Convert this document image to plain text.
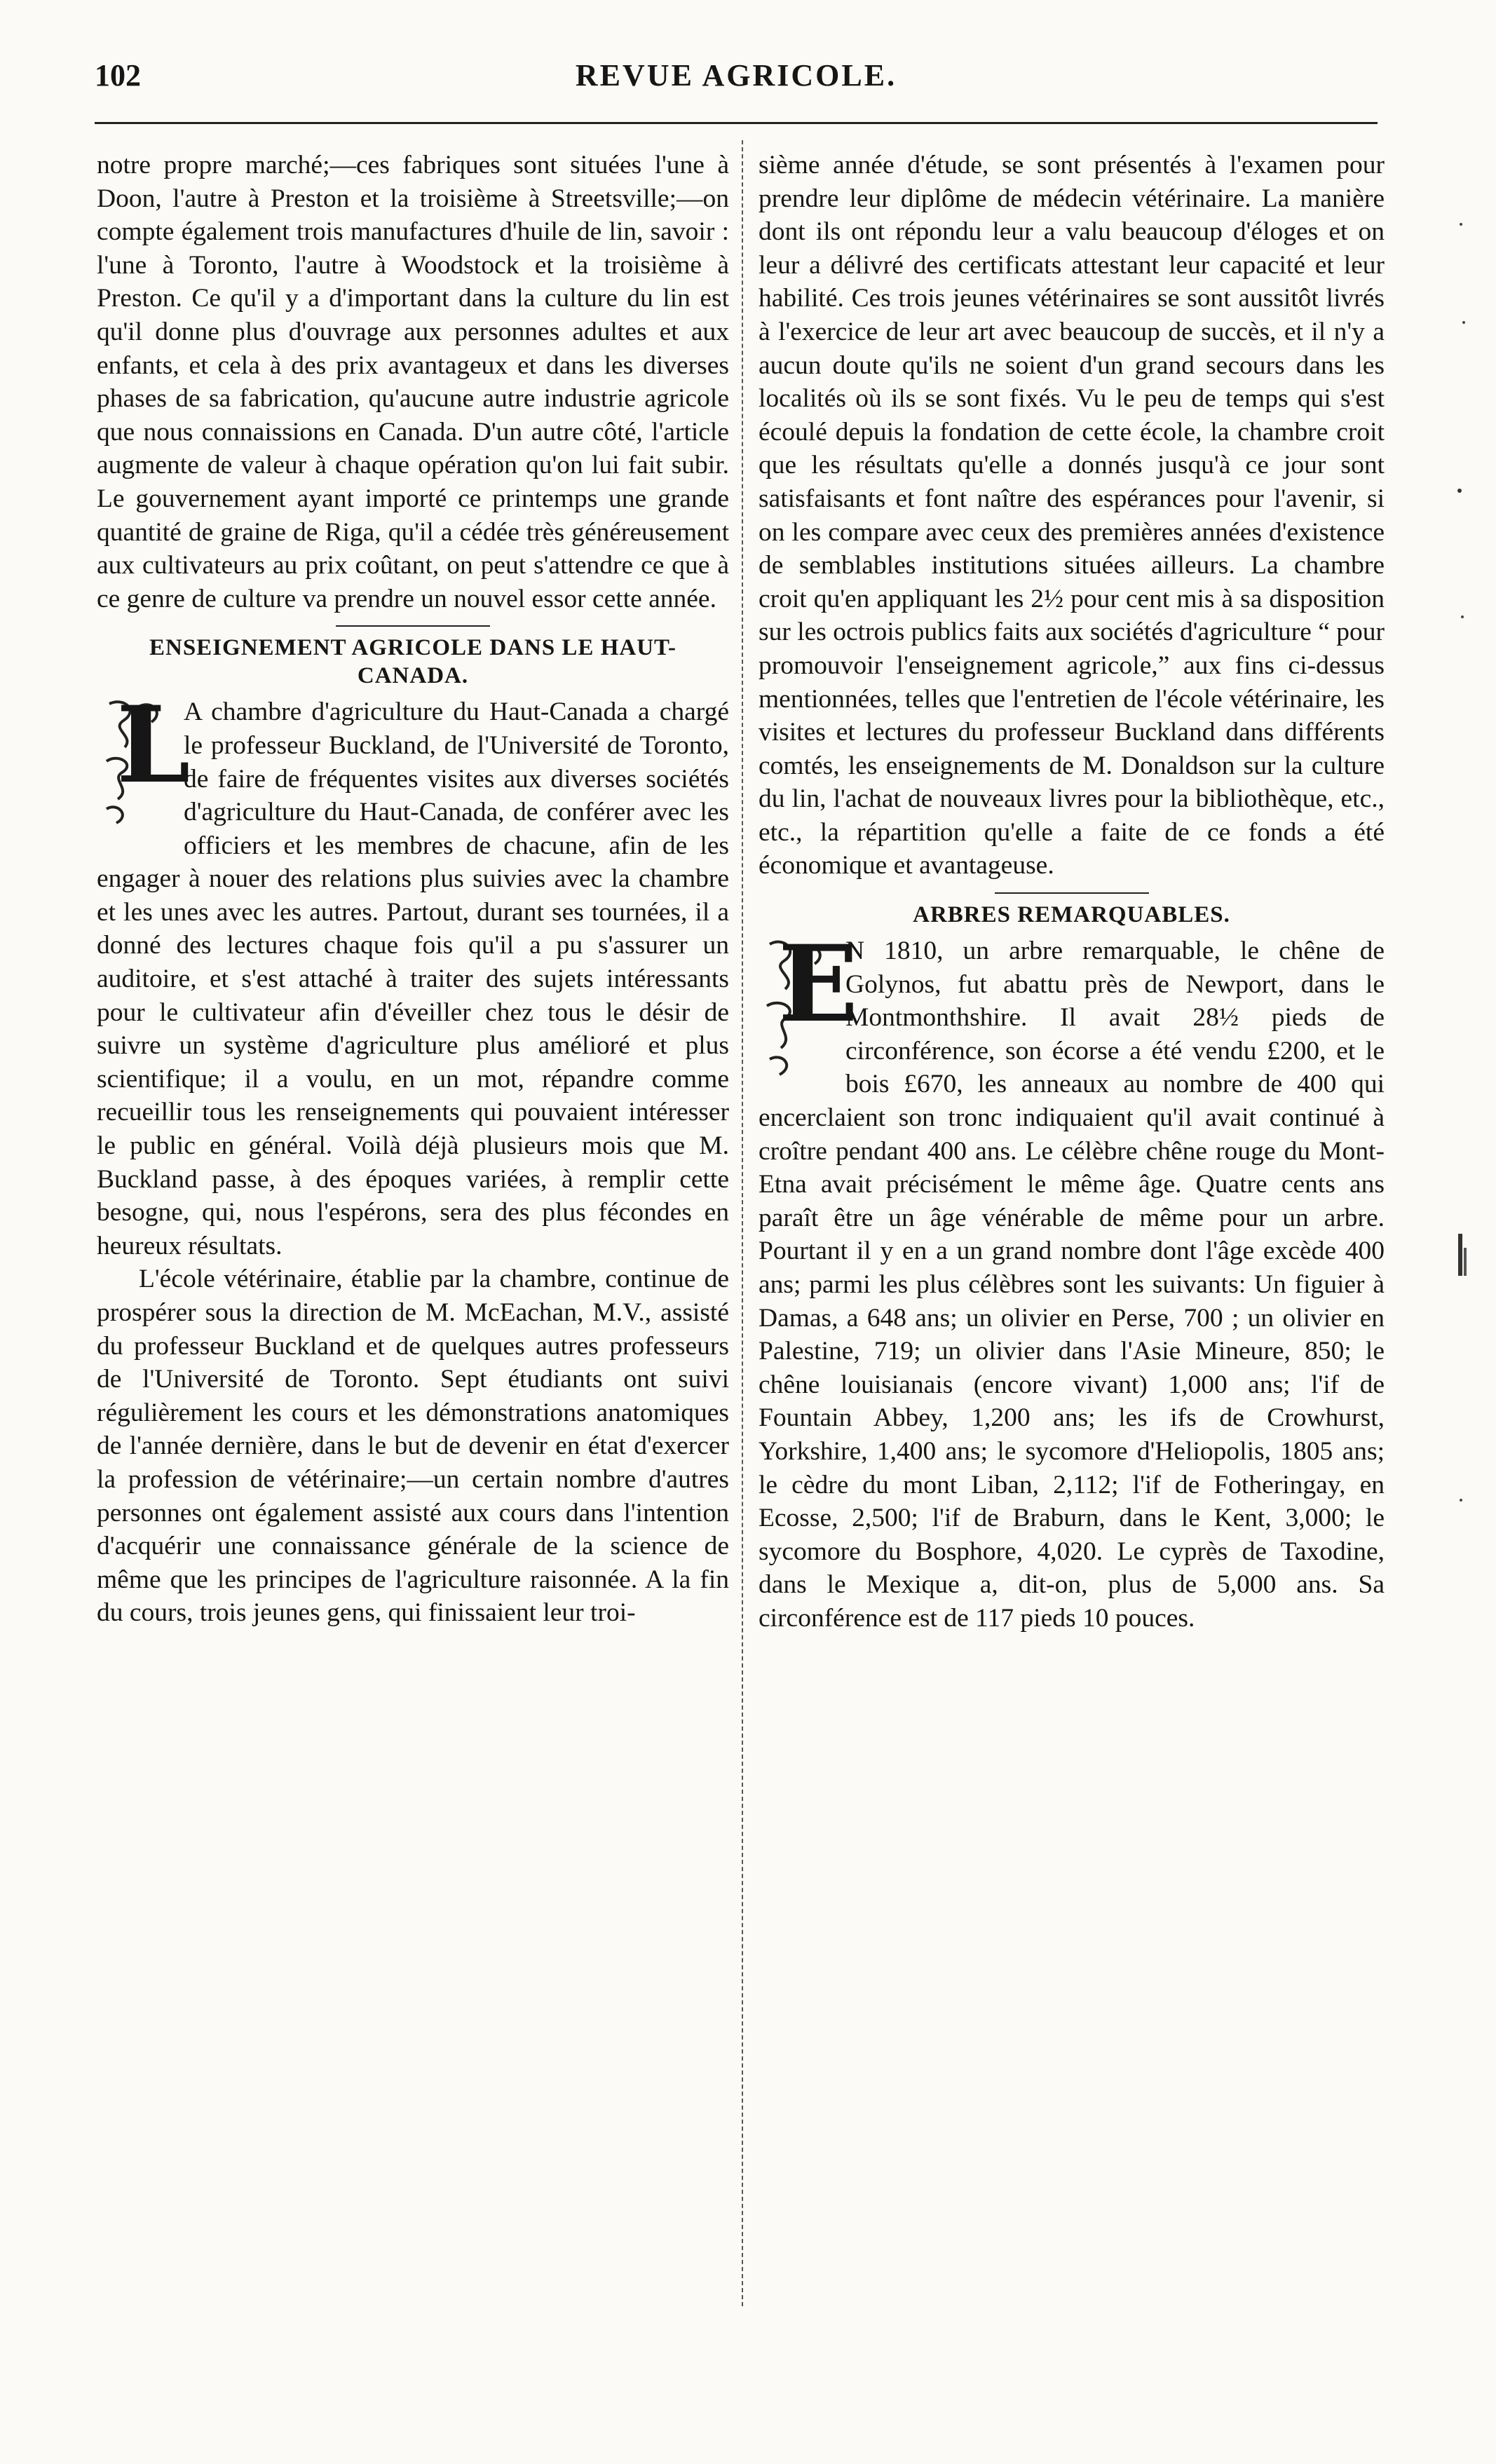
102	REVUE AGRICOLE.

notre propre marché;—ces fabriques sont situées l'une à Doon, l'autre à Preston et la troisième à Streetsville;—on compte également trois manufactures d'huile de lin, savoir : l'une à Toronto, l'autre à Woodstock et la troisième à Preston. Ce qu'il y a d'important dans la culture du lin est qu'il donne plus d'ouvrage aux personnes adultes et aux enfants, et cela à des prix avantageux et dans les diverses phases de sa fabrication, qu'aucune autre industrie agricole que nous connaissions en Canada. D'un autre côté, l'article augmente de valeur à chaque opération qu'on lui fait subir. Le gouvernement ayant importé ce printemps une grande quantité de graine de Riga, qu'il a cédée très généreusement aux cultivateurs au prix coûtant, on peut s'attendre ce que à ce genre de culture va prendre un nouvel essor cette année.

ENSEIGNEMENT AGRICOLE DANS LE HAUT-CANADA.
L

A chambre d'agriculture du Haut-Canada a chargé le professeur Buckland, de l'Université de Toronto, de faire de fréquentes visites aux diverses sociétés d'agriculture du Haut-Canada, de conférer avec les officiers et les membres de chacune, afin de les engager à nouer des relations plus suivies avec la chambre et les unes avec les autres. Partout, durant ses tournées, il a donné des lectures chaque fois qu'il a pu s'assurer un auditoire, et s'est attaché à traiter des sujets intéressants pour le cultivateur afin d'éveiller chez tous le désir de suivre un système d'agriculture plus amélioré et plus scientifique; il a voulu, en un mot, répandre comme recueillir tous les renseignements qui pouvaient intéresser le public en général. Voilà déjà plusieurs mois que M. Buckland passe, à des époques variées, à remplir cette besogne, qui, nous l'espérons, sera des plus fécondes en heureux résultats.

L'école vétérinaire, établie par la chambre, continue de prospérer sous la direction de M. McEachan, M.V., assisté du professeur Buckland et de quelques autres professeurs de l'Université de Toronto. Sept étudiants ont suivi régulièrement les cours et les démonstrations anatomiques de l'année dernière, dans le but de devenir en état d'exercer la profession de vétérinaire;—un certain nombre d'autres personnes ont également assisté aux cours dans l'intention d'acquérir une connaissance générale de la science de même que les principes de l'agriculture raisonnée. A la fin du cours, trois jeunes gens, qui finissaient leur troi-

sième année d'étude, se sont présentés à l'examen pour prendre leur diplôme de médecin vétérinaire. La manière dont ils ont répondu leur a valu beaucoup d'éloges et on leur a délivré des certificats attestant leur capacité et leur habilité. Ces trois jeunes vétérinaires se sont aussitôt livrés à l'exercice de leur art avec beaucoup de succès, et il n'y a aucun doute qu'ils ne soient d'un grand secours dans les localités où ils se sont fixés. Vu le peu de temps qui s'est écoulé depuis la fondation de cette école, la chambre croit que les résultats qu'elle a donnés jusqu'à ce jour sont satisfaisants et font naître des espérances pour l'avenir, si on les compare avec ceux des premières années d'existence de semblables institutions situées ailleurs. La chambre croit qu'en appliquant les 2½ pour cent mis à sa disposition sur les octrois publics faits aux sociétés d'agriculture “ pour promouvoir l'enseignement agricole,” aux fins ci-dessus mentionnées, telles que l'entretien de l'école vétérinaire, les visites et lectures du professeur Buckland dans différents comtés, les enseignements de M. Donaldson sur la culture du lin, l'achat de nouveaux livres pour la bibliothèque, etc., etc., la répartition qu'elle a faite de ce fonds a été économique et avantageuse.

ARBRES REMARQUABLES.
E

N 1810, un arbre remarquable, le chêne de Golynos, fut abattu près de Newport, dans le Montmonthshire. Il avait 28½ pieds de circonférence, son écorse a été vendu £200, et le bois £670, les anneaux au nombre de 400 qui encerclaient son tronc indiquaient qu'il avait continué à croître pendant 400 ans. Le célèbre chêne rouge du Mont-Etna avait précisément le même âge. Quatre cents ans paraît être un âge vénérable de même pour un arbre. Pourtant il y en a un grand nombre dont l'âge excède 400 ans; parmi les plus célèbres sont les suivants: Un figuier à Damas, a 648 ans; un olivier en Perse, 700 ; un olivier en Palestine, 719; un olivier dans l'Asie Mineure, 850; le chêne louisianais (encore vivant) 1,000 ans; l'if de Fountain Abbey, 1,200 ans; les ifs de Crowhurst, Yorkshire, 1,400 ans; le sycomore d'Heliopolis, 1805 ans; le cèdre du mont Liban, 2,112; l'if de Fotheringay, en Ecosse, 2,500; l'if de Braburn, dans le Kent, 3,000; le sycomore du Bosphore, 4,020. Le cyprès de Taxodine, dans le Mexique a, dit-on, plus de 5,000 ans. Sa circonférence est de 117 pieds 10 pouces.
